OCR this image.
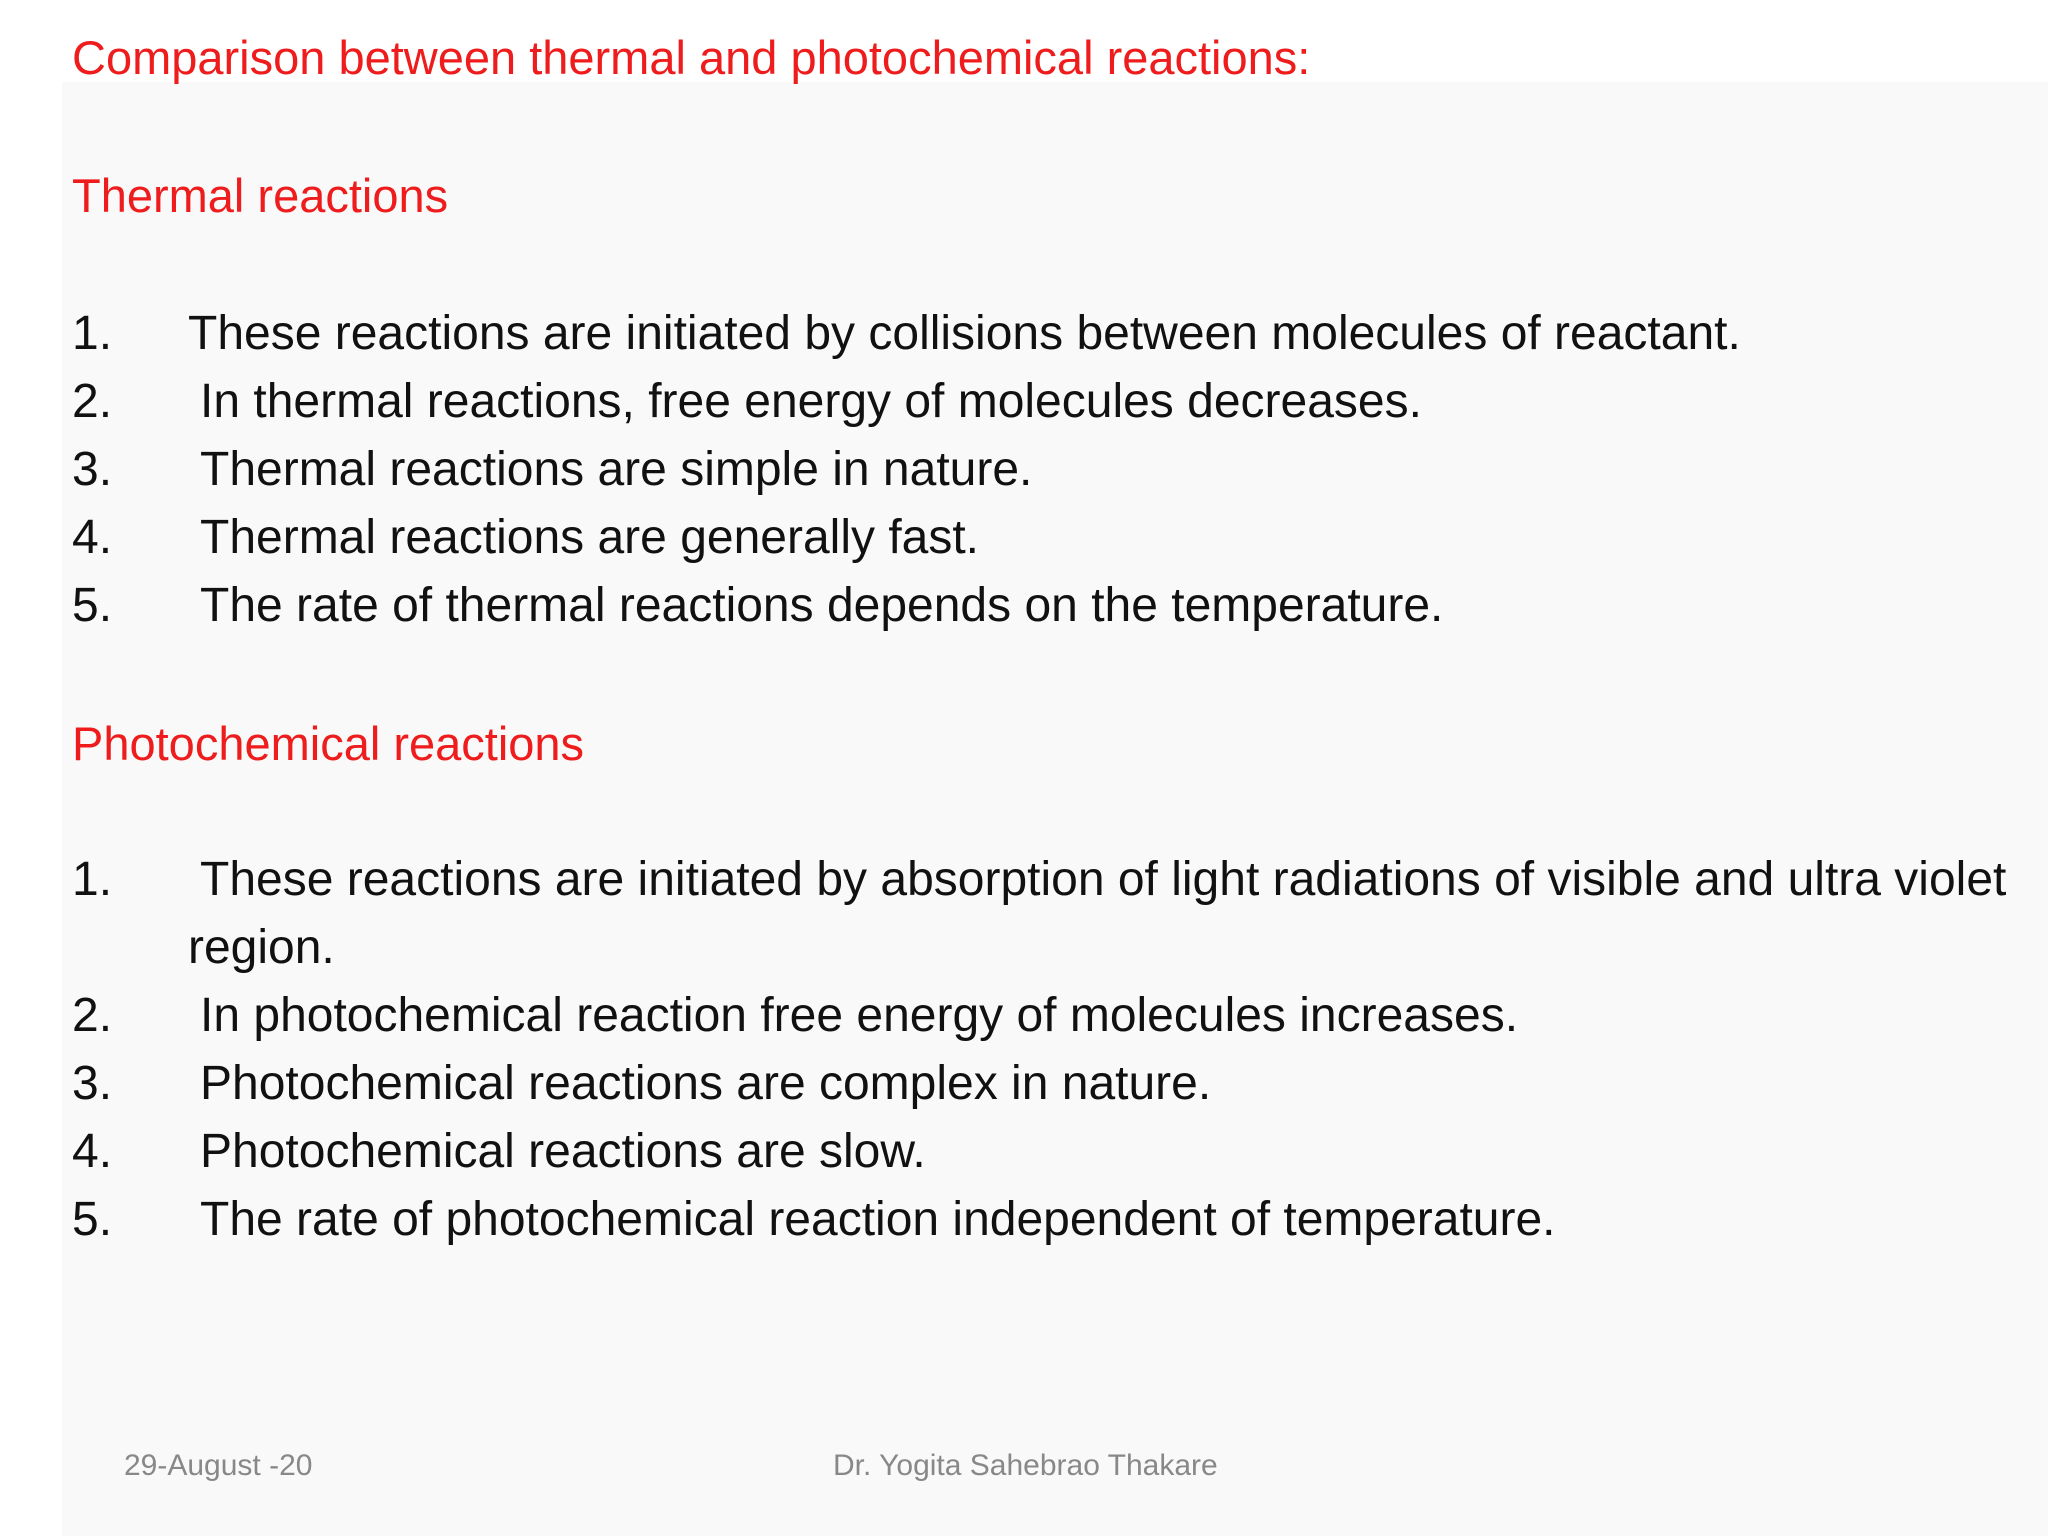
Comparison between thermal and photochemical reactions:
Thermal reactions
1. These reactions are initiated by collisions between molecules of reactant.
2. In thermal reactions, free energy of molecules decreases.
3. Thermal reactions are simple in nature.
4. Thermal reactions are generally fast.
5. The rate of thermal reactions depends on the temperature.
Photochemical reactions
1. These reactions are initiated by absorption of light radiations of visible and ultra violet region.
2. In photochemical reaction free energy of molecules increases.
3. Photochemical reactions are complex in nature.
4. Photochemical reactions are slow.
5. The rate of photochemical reaction independent of temperature.
29-August -20	Dr. Yogita Sahebrao Thakare
